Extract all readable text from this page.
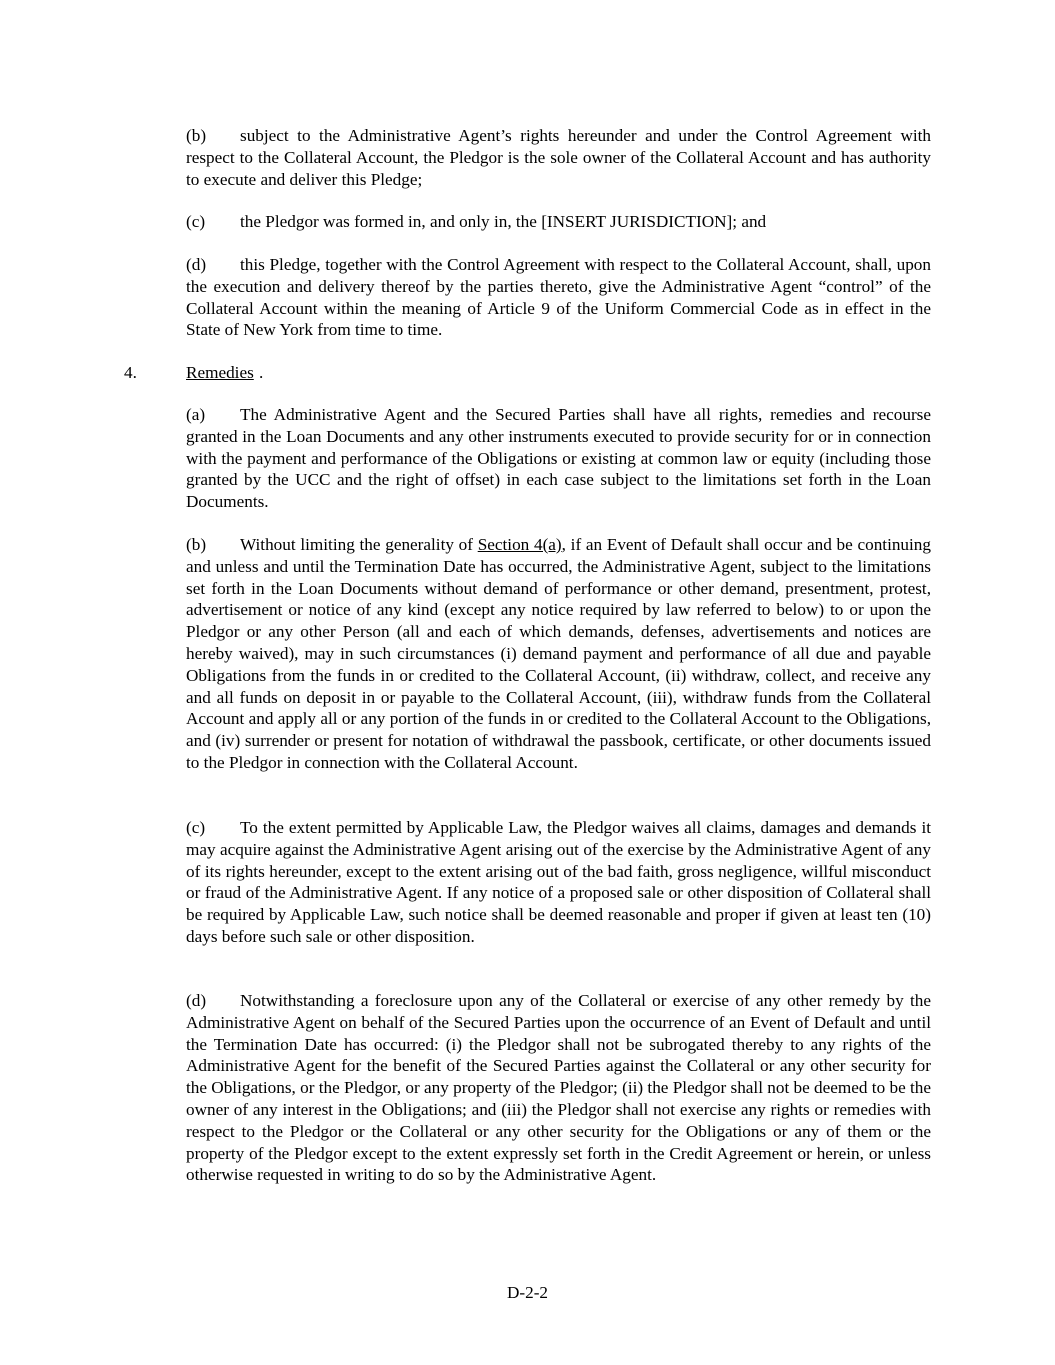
(b) subject to the Administrative Agent’s rights hereunder and under the Control Agreement with respect to the Collateral Account, the Pledgor is the sole owner of the Collateral Account and has authority to execute and deliver this Pledge;

(c) the Pledgor was formed in, and only in, the [INSERT JURISDICTION]; and

(d) this Pledge, together with the Control Agreement with respect to the Collateral Account, shall, upon the execution and delivery thereof by the parties thereto, give the Administrative Agent “control” of the Collateral Account within the meaning of Article 9 of the Uniform Commercial Code as in effect in the State of New York from time to time.

4.	Remedies .

(a) The Administrative Agent and the Secured Parties shall have all rights, remedies and recourse granted in the Loan Documents and any other instruments executed to provide security for or in connection with the payment and performance of the Obligations or existing at common law or equity (including those granted by the UCC and the right of offset) in each case subject to the limitations set forth in the Loan Documents.

(b) Without limiting the generality of Section 4(a), if an Event of Default shall occur and be continuing and unless and until the Termination Date has occurred, the Administrative Agent, subject to the limitations set forth in the Loan Documents without demand of performance or other demand, presentment, protest, advertisement or notice of any kind (except any notice required by law referred to below) to or upon the Pledgor or any other Person (all and each of which demands, defenses, advertisements and notices are hereby waived), may in such circumstances (i) demand payment and performance of all due and payable Obligations from the funds in or credited to the Collateral Account, (ii) withdraw, collect, and receive any and all funds on deposit in or payable to the Collateral Account, (iii), withdraw funds from the Collateral Account and apply all or any portion of the funds in or credited to the Collateral Account to the Obligations, and (iv) surrender or present for notation of withdrawal the passbook, certificate, or other documents issued to the Pledgor in connection with the Collateral Account.

(c) To the extent permitted by Applicable Law, the Pledgor waives all claims, damages and demands it may acquire against the Administrative Agent arising out of the exercise by the Administrative Agent of any of its rights hereunder, except to the extent arising out of the bad faith, gross negligence, willful misconduct or fraud of the Administrative Agent. If any notice of a proposed sale or other disposition of Collateral shall be required by Applicable Law, such notice shall be deemed reasonable and proper if given at least ten (10) days before such sale or other disposition.

(d) Notwithstanding a foreclosure upon any of the Collateral or exercise of any other remedy by the Administrative Agent on behalf of the Secured Parties upon the occurrence of an Event of Default and until the Termination Date has occurred: (i) the Pledgor shall not be subrogated thereby to any rights of the Administrative Agent for the benefit of the Secured Parties against the Collateral or any other security for the Obligations, or the Pledgor, or any property of the Pledgor; (ii) the Pledgor shall not be deemed to be the owner of any interest in the Obligations; and (iii) the Pledgor shall not exercise any rights or remedies with respect to the Pledgor or the Collateral or any other security for the Obligations or any of them or the property of the Pledgor except to the extent expressly set forth in the Credit Agreement or herein, or unless otherwise requested in writing to do so by the Administrative Agent.

D-2-2
